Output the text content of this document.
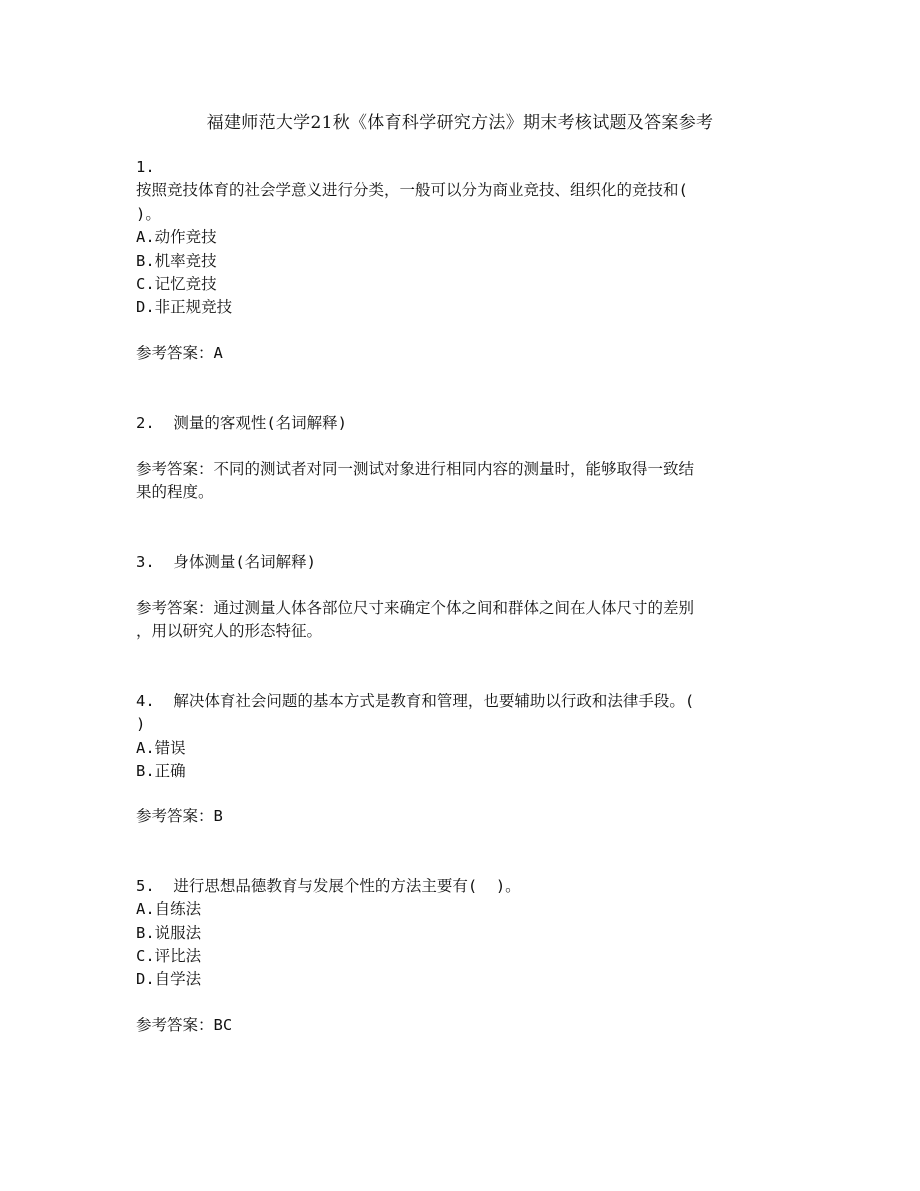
福建师范大学21秋《体育科学研究方法》期末考核试题及答案参考
1.
按照竞技体育的社会学意义进行分类，一般可以分为商业竞技、组织化的竞技和(
)。
A.动作竞技
B.机率竞技
C.记忆竞技
D.非正规竞技
参考答案：A
2.  测量的客观性(名词解释)
参考答案：不同的测试者对同一测试对象进行相同内容的测量时，能够取得一致结
果的程度。
3.  身体测量(名词解释)
参考答案：通过测量人体各部位尺寸来确定个体之间和群体之间在人体尺寸的差别
，用以研究人的形态特征。
4.  解决体育社会问题的基本方式是教育和管理，也要辅助以行政和法律手段。(
)
A.错误
B.正确
参考答案：B
5.  进行思想品德教育与发展个性的方法主要有(  )。
A.自练法
B.说服法
C.评比法
D.自学法
参考答案：BC
